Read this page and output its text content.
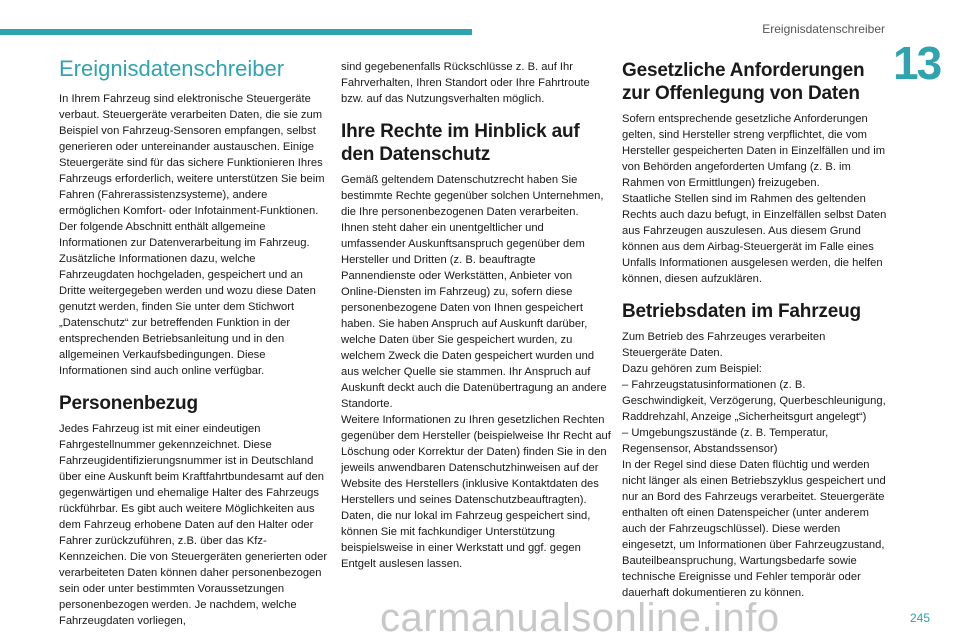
Ereignisdatenschreiber
13
Ereignisdatenschreiber

In Ihrem Fahrzeug sind elektronische Steuergeräte verbaut. Steuergeräte verarbeiten Daten, die sie zum Beispiel von Fahrzeug-Sensoren empfangen, selbst generieren oder untereinander austauschen. Einige Steuergeräte sind für das sichere Funktionieren Ihres Fahrzeugs erforderlich, weitere unterstützen Sie beim Fahren (Fahrerassistenzsysteme), andere ermöglichen Komfort- oder Infotainment-Funktionen.

Der folgende Abschnitt enthält allgemeine Informationen zur Datenverarbeitung im Fahrzeug.

Zusätzliche Informationen dazu, welche Fahrzeugdaten hochgeladen, gespeichert und an Dritte weitergegeben werden und wozu diese Daten genutzt werden, finden Sie unter dem Stichwort „Datenschutz“ zur betreffenden Funktion in der entsprechenden Betriebsanleitung und in den allgemeinen Verkaufsbedingungen. Diese Informationen sind auch online verfügbar.

Personenbezug

Jedes Fahrzeug ist mit einer eindeutigen Fahrgestellnummer gekennzeichnet. Diese Fahrzeugidentifizierungsnummer ist in Deutschland über eine Auskunft beim Kraftfahrtbundesamt auf den gegenwärtigen und ehemalige Halter des Fahrzeugs rückführbar. Es gibt auch weitere Möglichkeiten aus dem Fahrzeug erhobene Daten auf den Halter oder Fahrer zurückzuführen, z.B. über das Kfz-Kennzeichen. Die von Steuergeräten generierten oder verarbeiteten Daten können daher personenbezogen sein oder unter bestimmten Voraussetzungen personenbezogen werden. Je nachdem, welche Fahrzeugdaten vorliegen,

sind gegebenenfalls Rückschlüsse z. B. auf Ihr Fahrverhalten, Ihren Standort oder Ihre Fahrtroute bzw. auf das Nutzungsverhalten möglich.

Ihre Rechte im Hinblick auf den Datenschutz

Gemäß geltendem Datenschutzrecht haben Sie bestimmte Rechte gegenüber solchen Unternehmen, die Ihre personenbezogenen Daten verarbeiten.

Ihnen steht daher ein unentgeltlicher und umfassender Auskunftsanspruch gegenüber dem Hersteller und Dritten (z. B. beauftragte Pannendienste oder Werkstätten, Anbieter von Online-Diensten im Fahrzeug) zu, sofern diese personenbezogene Daten von Ihnen gespeichert haben. Sie haben Anspruch auf Auskunft darüber, welche Daten über Sie gespeichert wurden, zu welchem Zweck die Daten gespeichert wurden und aus welcher Quelle sie stammen. Ihr Anspruch auf Auskunft deckt auch die Datenübertragung an andere Standorte.

Weitere Informationen zu Ihren gesetzlichen Rechten gegenüber dem Hersteller (beispielweise Ihr Recht auf Löschung oder Korrektur der Daten) finden Sie in den jeweils anwendbaren Datenschutzhinweisen auf der Website des Herstellers (inklusive Kontaktdaten des Herstellers und seines Datenschutzbeauftragten).

Daten, die nur lokal im Fahrzeug gespeichert sind, können Sie mit fachkundiger Unterstützung beispielsweise in einer Werkstatt und ggf. gegen Entgelt auslesen lassen.

Gesetzliche Anforderungen zur Offenlegung von Daten

Sofern entsprechende gesetzliche Anforderungen gelten, sind Hersteller streng verpflichtet, die vom Hersteller gespeicherten Daten in Einzelfällen und im von Behörden angeforderten Umfang (z. B. im Rahmen von Ermittlungen) freizugeben.

Staatliche Stellen sind im Rahmen des geltenden Rechts auch dazu befugt, in Einzelfällen selbst Daten aus Fahrzeugen auszulesen. Aus diesem Grund können aus dem Airbag-Steuergerät im Falle eines Unfalls Informationen ausgelesen werden, die helfen können, diesen aufzuklären.

Betriebsdaten im Fahrzeug

Zum Betrieb des Fahrzeuges verarbeiten Steuergeräte Daten.

Dazu gehören zum Beispiel:

– Fahrzeugstatusinformationen (z. B. Geschwindigkeit, Verzögerung, Querbeschleunigung, Raddrehzahl, Anzeige „Sicherheitsgurt angelegt“)

– Umgebungszustände (z. B. Temperatur, Regensensor, Abstandssensor)

In der Regel sind diese Daten flüchtig und werden nicht länger als einen Betriebszyklus gespeichert und nur an Bord des Fahrzeugs verarbeitet. Steuergeräte enthalten oft einen Datenspeicher (unter anderem auch der Fahrzeugschlüssel). Diese werden eingesetzt, um Informationen über Fahrzeugzustand, Bauteilbeanspruchung, Wartungsbedarfe sowie technische Ereignisse und Fehler temporär oder dauerhaft dokumentieren zu können.

carmanualsonline.info	245
